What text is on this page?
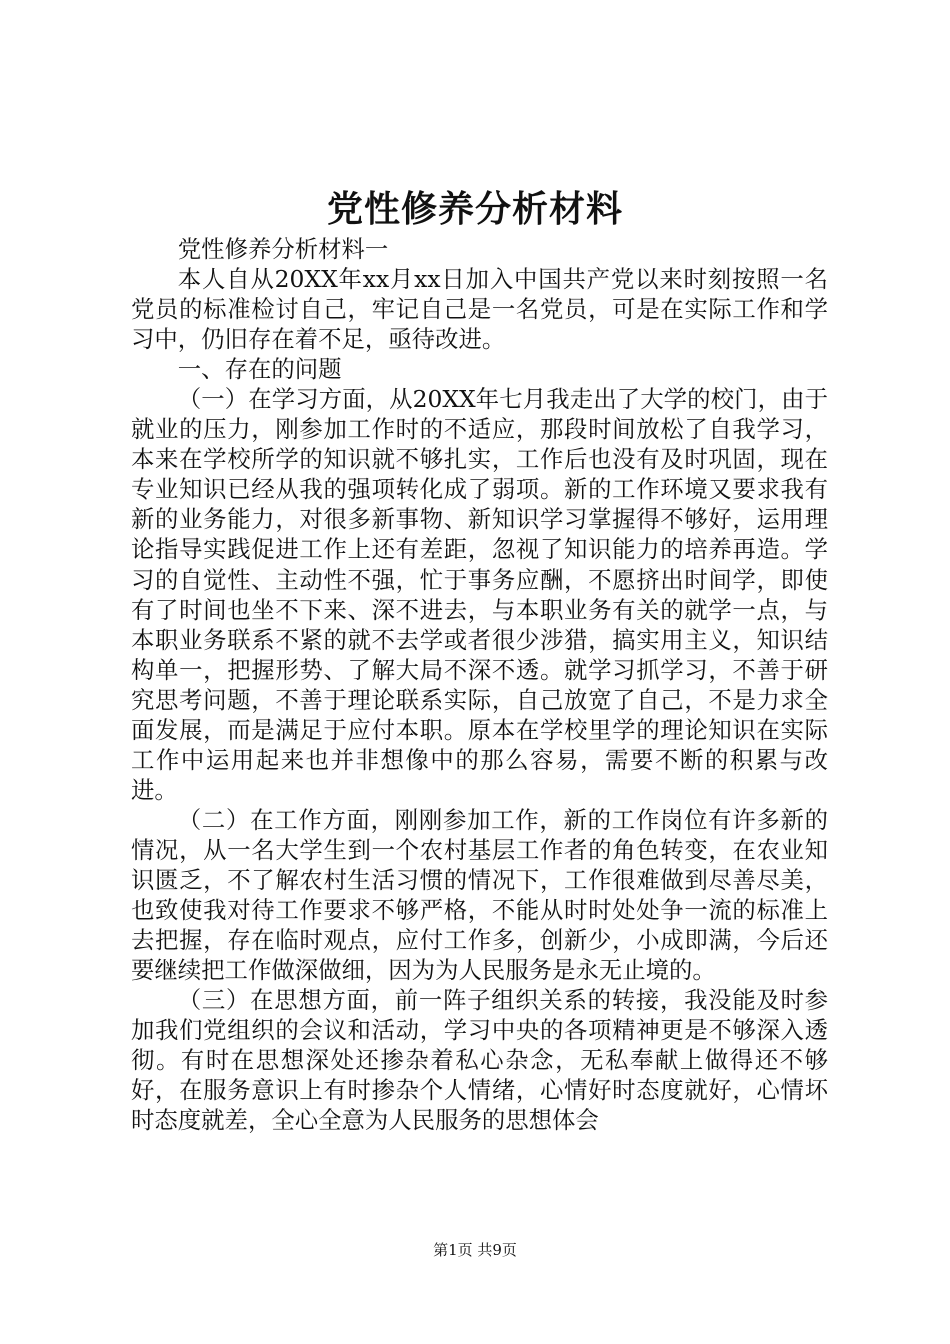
党性修养分析材料

党性修养分析材料一

本人自从20XX年xx月xx日加入中国共产党以来时刻按照一名党员的标准检讨自己，牢记自己是一名党员，可是在实际工作和学习中，仍旧存在着不足，亟待改进。

一、存在的问题

（一）在学习方面，从20XX年七月我走出了大学的校门，由于就业的压力，刚参加工作时的不适应，那段时间放松了自我学习，本来在学校所学的知识就不够扎实，工作后也没有及时巩固，现在专业知识已经从我的强项转化成了弱项。新的工作环境又要求我有新的业务能力，对很多新事物、新知识学习掌握得不够好，运用理论指导实践促进工作上还有差距，忽视了知识能力的培养再造。学习的自觉性、主动性不强，忙于事务应酬，不愿挤出时间学，即使有了时间也坐不下来、深不进去，与本职业务有关的就学一点，与本职业务联系不紧的就不去学或者很少涉猎，搞实用主义，知识结构单一，把握形势、了解大局不深不透。就学习抓学习，不善于研究思考问题，不善于理论联系实际，自己放宽了自己，不是力求全面发展，而是满足于应付本职。原本在学校里学的理论知识在实际工作中运用起来也并非想像中的那么容易，需要不断的积累与改进。

（二）在工作方面，刚刚参加工作，新的工作岗位有许多新的情况，从一名大学生到一个农村基层工作者的角色转变，在农业知识匮乏，不了解农村生活习惯的情况下，工作很难做到尽善尽美，也致使我对待工作要求不够严格，不能从时时处处争一流的标准上去把握，存在临时观点，应付工作多，创新少，小成即满，今后还要继续把工作做深做细，因为为人民服务是永无止境的。

（三）在思想方面，前一阵子组织关系的转接，我没能及时参加我们党组织的会议和活动，学习中央的各项精神更是不够深入透彻。有时在思想深处还掺杂着私心杂念，无私奉献上做得还不够好，在服务意识上有时掺杂个人情绪，心情好时态度就好，心情坏时态度就差，全心全意为人民服务的思想体会

第1页 共9页
